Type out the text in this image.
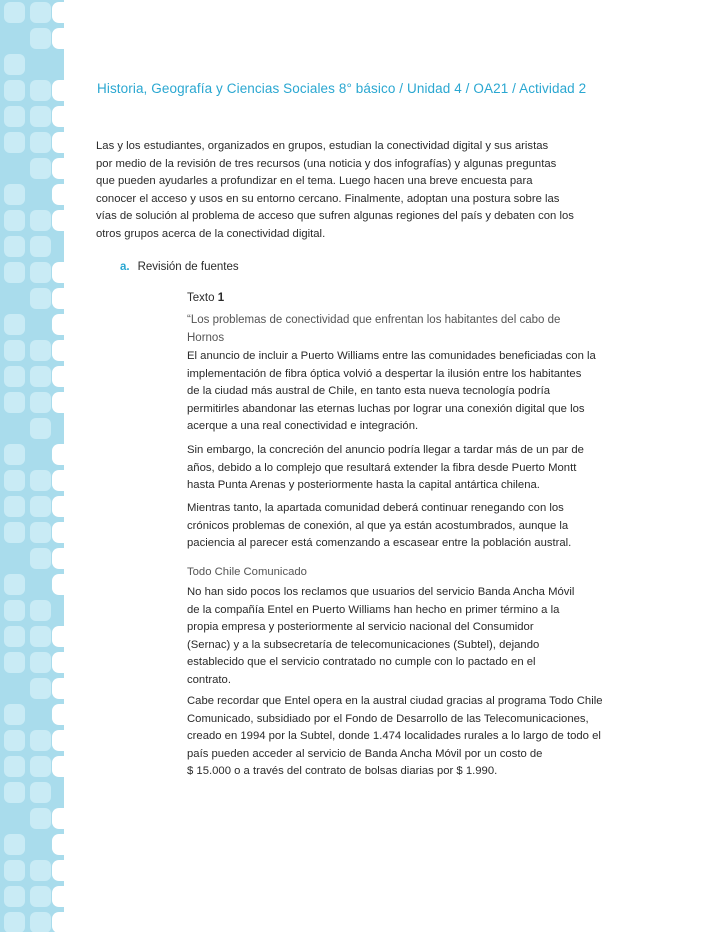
Historia, Geografía y Ciencias Sociales 8° básico / Unidad 4 / OA21 / Actividad 2
Las y los estudiantes, organizados en grupos, estudian la conectividad digital y sus aristas
por medio de la revisión de tres recursos (una noticia y dos infografías) y algunas preguntas
que pueden ayudarles a profundizar en el tema. Luego hacen una breve encuesta para
conocer el acceso y usos en su entorno cercano. Finalmente, adoptan una postura sobre las
vías de solución al problema de acceso que sufren algunas regiones del país y debaten con los
otros grupos acerca de la conectividad digital.
a. Revisión de fuentes
Texto 1
“Los problemas de conectividad que enfrentan los habitantes del cabo de
Hornos
El anuncio de incluir a Puerto Williams entre las comunidades beneficiadas con la
implementación de fibra óptica volvió a despertar la ilusión entre los habitantes
de la ciudad más austral de Chile, en tanto esta nueva tecnología podría
permitirles abandonar las eternas luchas por lograr una conexión digital que los
acerque a una real conectividad e integración.
Sin embargo, la concreción del anuncio podría llegar a tardar más de un par de
años, debido a lo complejo que resultará extender la fibra desde Puerto Montt
hasta Punta Arenas y posteriormente hasta la capital antártica chilena.
Mientras tanto, la apartada comunidad deberá continuar renegando con los
crónicos problemas de conexión, al que ya están acostumbrados, aunque la
paciencia al parecer está comenzando a escasear entre la población austral.
Todo Chile Comunicado
No han sido pocos los reclamos que usuarios del servicio Banda Ancha Móvil
de la compañía Entel en Puerto Williams han hecho en primer término a la
propia empresa y posteriormente al servicio nacional del Consumidor
(Sernac) y a la subsecretaría de telecomunicaciones (Subtel), dejando
establecido que el servicio contratado no cumple con lo pactado en el
contrato.
Cabe recordar que Entel opera en la austral ciudad gracias al programa Todo Chile
Comunicado, subsidiado por el Fondo de Desarrollo de las Telecomunicaciones,
creado en 1994 por la Subtel, donde 1.474 localidades rurales a lo largo de todo el
país pueden acceder al servicio de Banda Ancha Móvil por un costo de
$ 15.000 o a través del contrato de bolsas diarias por $ 1.990.
